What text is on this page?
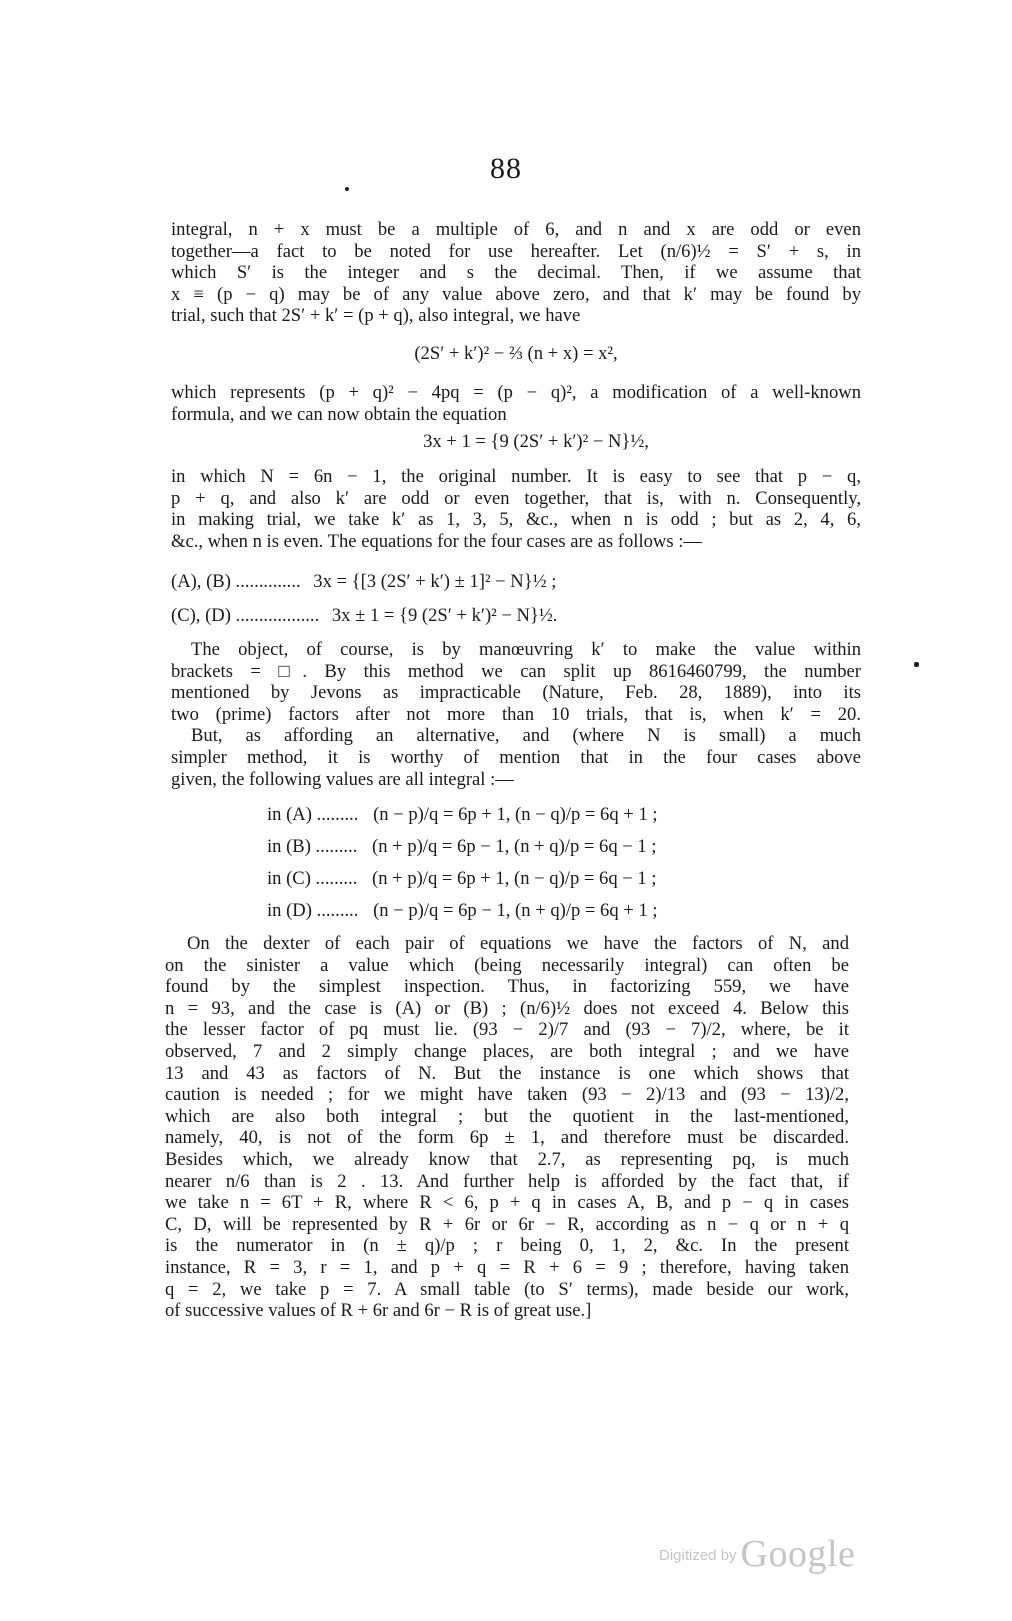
88
integral, n + x must be a multiple of 6, and n and x are odd or even
together—a fact to be noted for use hereafter. Let (n/6)½ = S′ + s, in
which S′ is the integer and s the decimal. Then, if we assume that
x ≡ (p − q) may be of any value above zero, and that k′ may be found by
trial, such that 2S′ + k′ = (p + q), also integral, we have
(2S′ + k′)² − ⅔ (n + x) = x²,
which represents (p + q)² − 4pq = (p − q)², a modification of a well-known
formula, and we can now obtain the equation
3x + 1 = {9 (2S′ + k′)² − N}½,
in which N = 6n − 1, the original number. It is easy to see that p − q,
p + q, and also k′ are odd or even together, that is, with n. Consequently,
in making trial, we take k′ as 1, 3, 5, &c., when n is odd ; but as 2, 4, 6,
&c., when n is even. The equations for the four cases are as follows :—
(A), (B) .............. 3x = {[3 (2S′ + k′) ± 1]² − N}½ ;
(C), (D) .................. 3x ± 1 = {9 (2S′ + k′)² − N}½.
The object, of course, is by manœuvring k′ to make the value within
brackets = □. By this method we can split up 8616460799, the number
mentioned by Jevons as impracticable (Nature, Feb. 28, 1889), into its
two (prime) factors after not more than 10 trials, that is, when k′ = 20.
But, as affording an alternative, and (where N is small) a much
simpler method, it is worthy of mention that in the four cases above
given, the following values are all integral :—
in (A) ......... (n − p)/q = 6p + 1, (n − q)/p = 6q + 1 ;
in (B) ......... (n + p)/q = 6p − 1, (n + q)/p = 6q − 1 ;
in (C) ......... (n + p)/q = 6p + 1, (n − q)/p = 6q − 1 ;
in (D) ......... (n − p)/q = 6p − 1, (n + q)/p = 6q + 1 ;
On the dexter of each pair of equations we have the factors of N, and
on the sinister a value which (being necessarily integral) can often be
found by the simplest inspection. Thus, in factorizing 559, we have
n = 93, and the case is (A) or (B) ; (n/6)½ does not exceed 4. Below this
the lesser factor of pq must lie. (93 − 2)/7 and (93 − 7)/2, where, be it
observed, 7 and 2 simply change places, are both integral ; and we have
13 and 43 as factors of N. But the instance is one which shows that
caution is needed ; for we might have taken (93 − 2)/13 and (93 − 13)/2,
which are also both integral ; but the quotient in the last-mentioned,
namely, 40, is not of the form 6p ± 1, and therefore must be discarded.
Besides which, we already know that 2.7, as representing pq, is much
nearer n/6 than is 2 . 13. And further help is afforded by the fact that, if
we take n = 6T + R, where R < 6, p + q in cases A, B, and p − q in cases
C, D, will be represented by R + 6r or 6r − R, according as n − q or n + q
is the numerator in (n ± q)/p ; r being 0, 1, 2, &c. In the present
instance, R = 3, r = 1, and p + q = R + 6 = 9 ; therefore, having taken
q = 2, we take p = 7. A small table (to S′ terms), made beside our work,
of successive values of R + 6r and 6r − R is of great use.]
Digitized by Google
